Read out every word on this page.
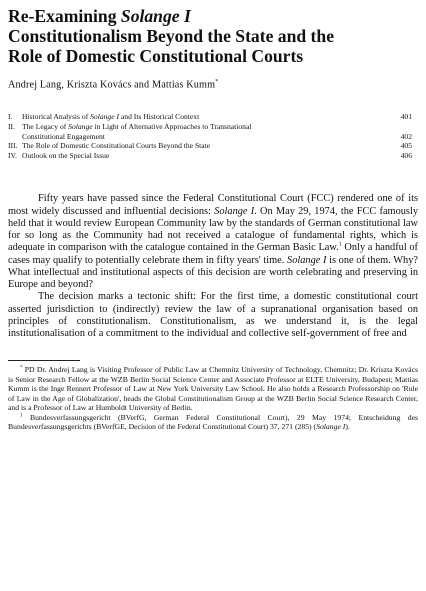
Re-Examining Solange I
Constitutionalism Beyond the State and the
Role of Domestic Constitutional Courts
Andrej Lang, Kriszta Kovács and Mattias Kumm*
I. Historical Analysis of Solange I and Its Historical Context	401
II. The Legacy of Solange in Light of Alternative Approaches to Transnational
Constitutional Engagement	402
III. The Role of Domestic Constitutional Courts Beyond the State	405
IV. Outlook on the Special Issue	406

Fifty years have passed since the Federal Constitutional Court (FCC) rendered one of its most widely discussed and influential decisions: Solange I. On May 29, 1974, the FCC famously held that it would review European Community law by the standards of German constitutional law for so long as the Community had not received a catalogue of fundamental rights, which is adequate in comparison with the catalogue contained in the German Basic Law.$^1$ Only a handful of cases may qualify to potentially celebrate them in fifty years' time. Solange I is one of them. Why? What intellectual and institutional aspects of this decision are worth celebrating and preserving in Europe and beyond?

The decision marks a tectonic shift: For the first time, a domestic constitutional court asserted jurisdiction to (indirectly) review the law of a supranational organisation based on principles of constitutionalism. Constitutionalism, as we understand it, is the legal institutionalisation of a commitment to the individual and collective self-government of free and

* PD Dr. Andrej Lang is Visiting Professor of Public Law at Chemnitz University of Technology, Chemnitz; Dr. Kriszta Kovács is Senior Research Fellow at the WZB Berlin Social Science Center and Associate Professor at ELTE University, Budapest; Mattias Kumm is the Inge Rennert Professor of Law at New York University Law School. He also holds a Research Professorship on 'Rule of Law in the Age of Globalization', heads the Global Constitutionalism Group at the WZB Berlin Social Science Research Center, and is a Professor of Law at Humboldt University of Berlin.

$^1$ Bundesverfassungsgericht (BVerfG, German Federal Constitutional Court), 29 May 1974; Entscheidung des Bundesverfassungsgerichts (BVerfGE, Decision of the Federal Constitutional Court) 37, 271 (285) (Solange I).
